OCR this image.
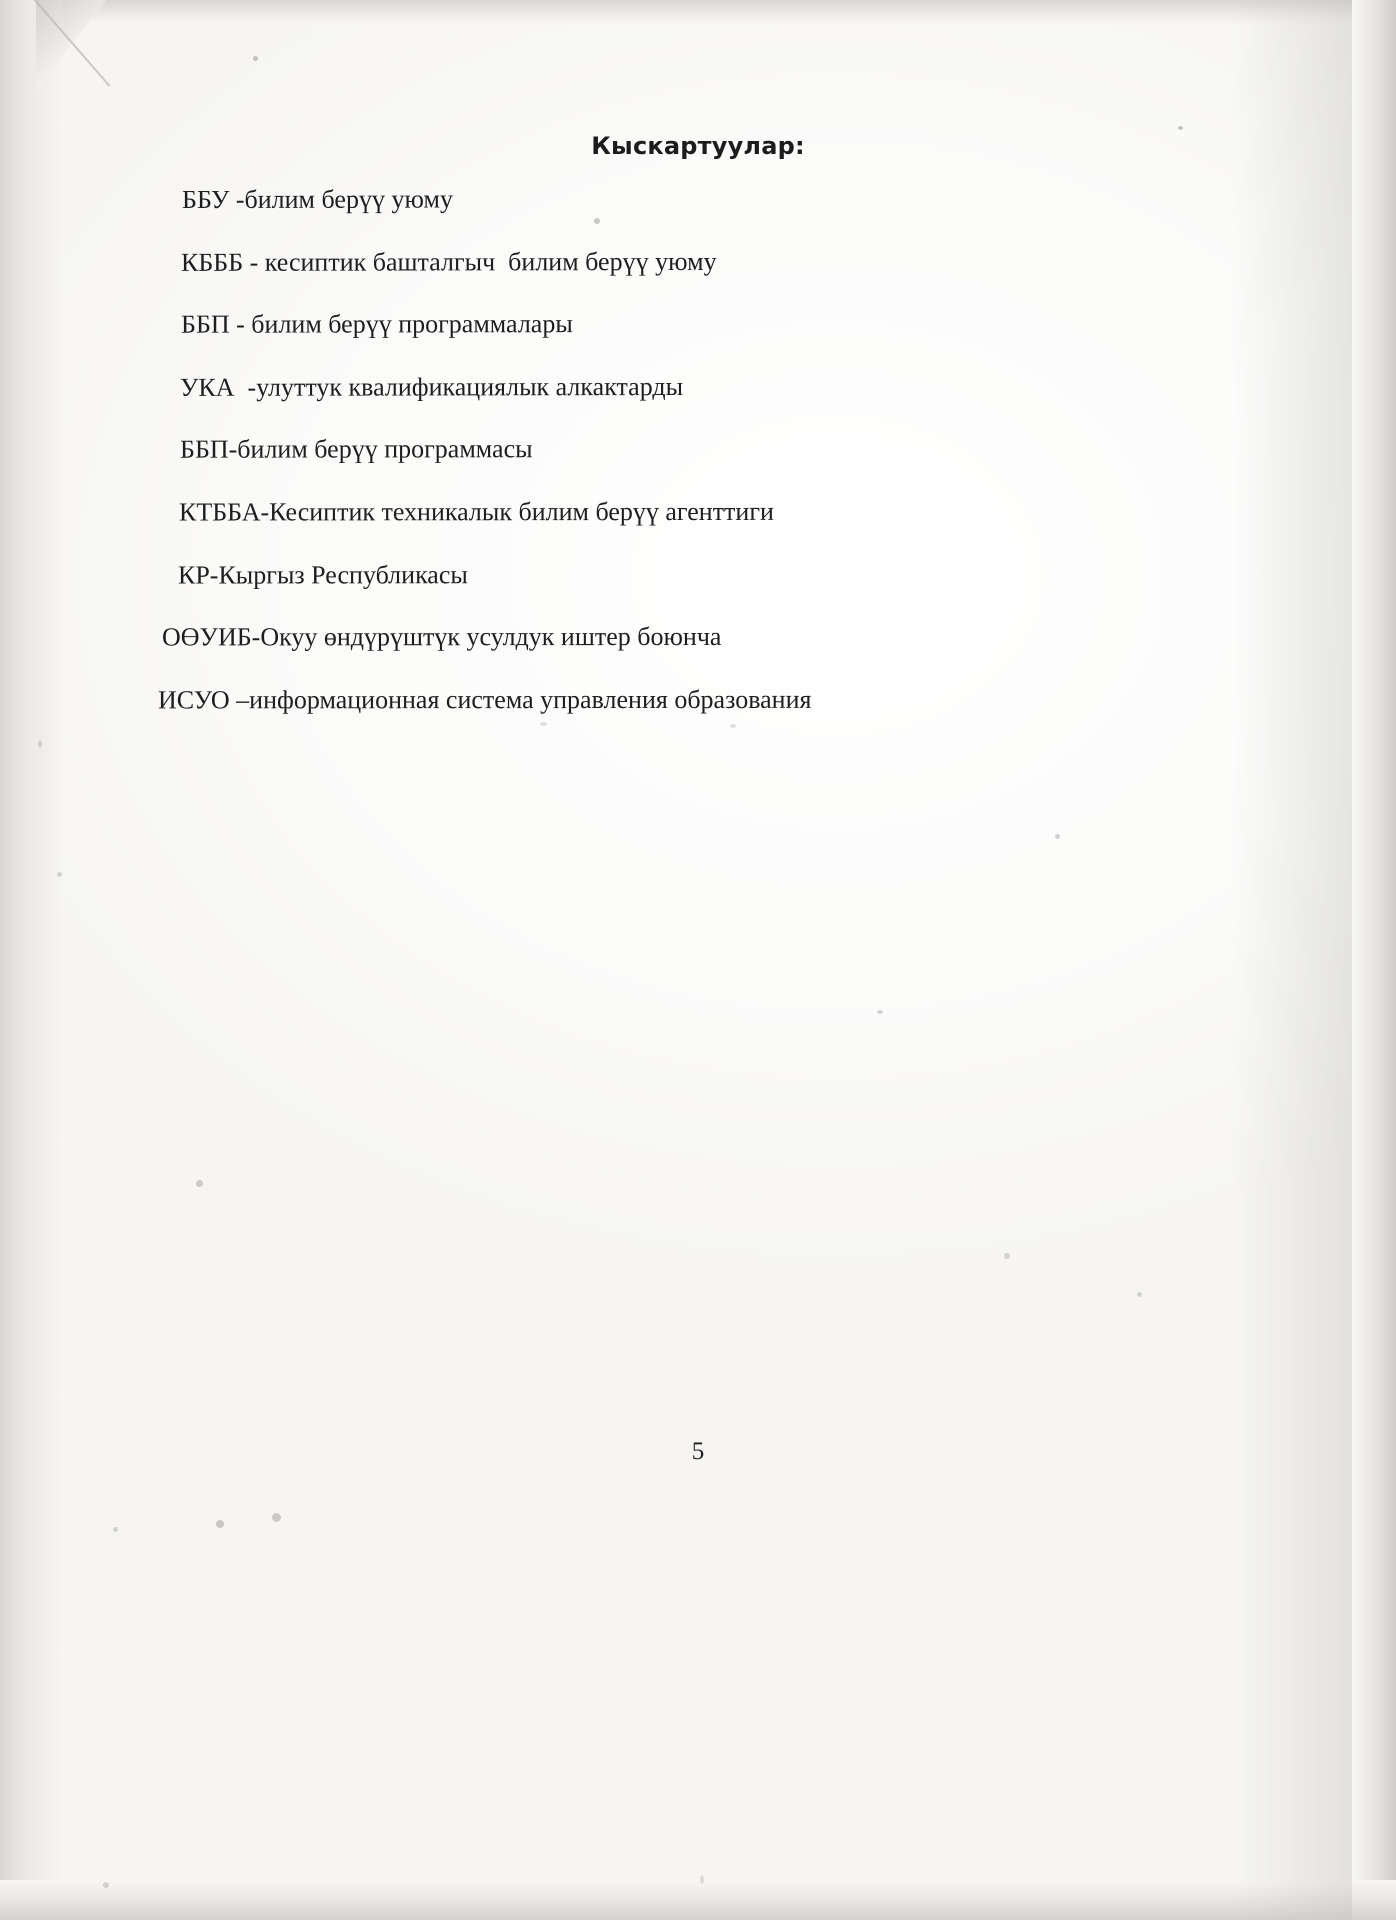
Кыскартуулар:

ББУ -билим берүү уюму

КБББ - кесиптик башталгыч  билим берүү уюму

ББП - билим берүү программалары

УКА  -улуттук квалификациялык алкактарды

ББП-билим берүү программасы

КТББА-Кесиптик техникалык билим берүү агенттиги

КР-Кыргыз Республикасы

ОӨУИБ-Окуу өндүрүштүк усулдук иштер боюнча

ИСУО –информационная система управления образования

5
